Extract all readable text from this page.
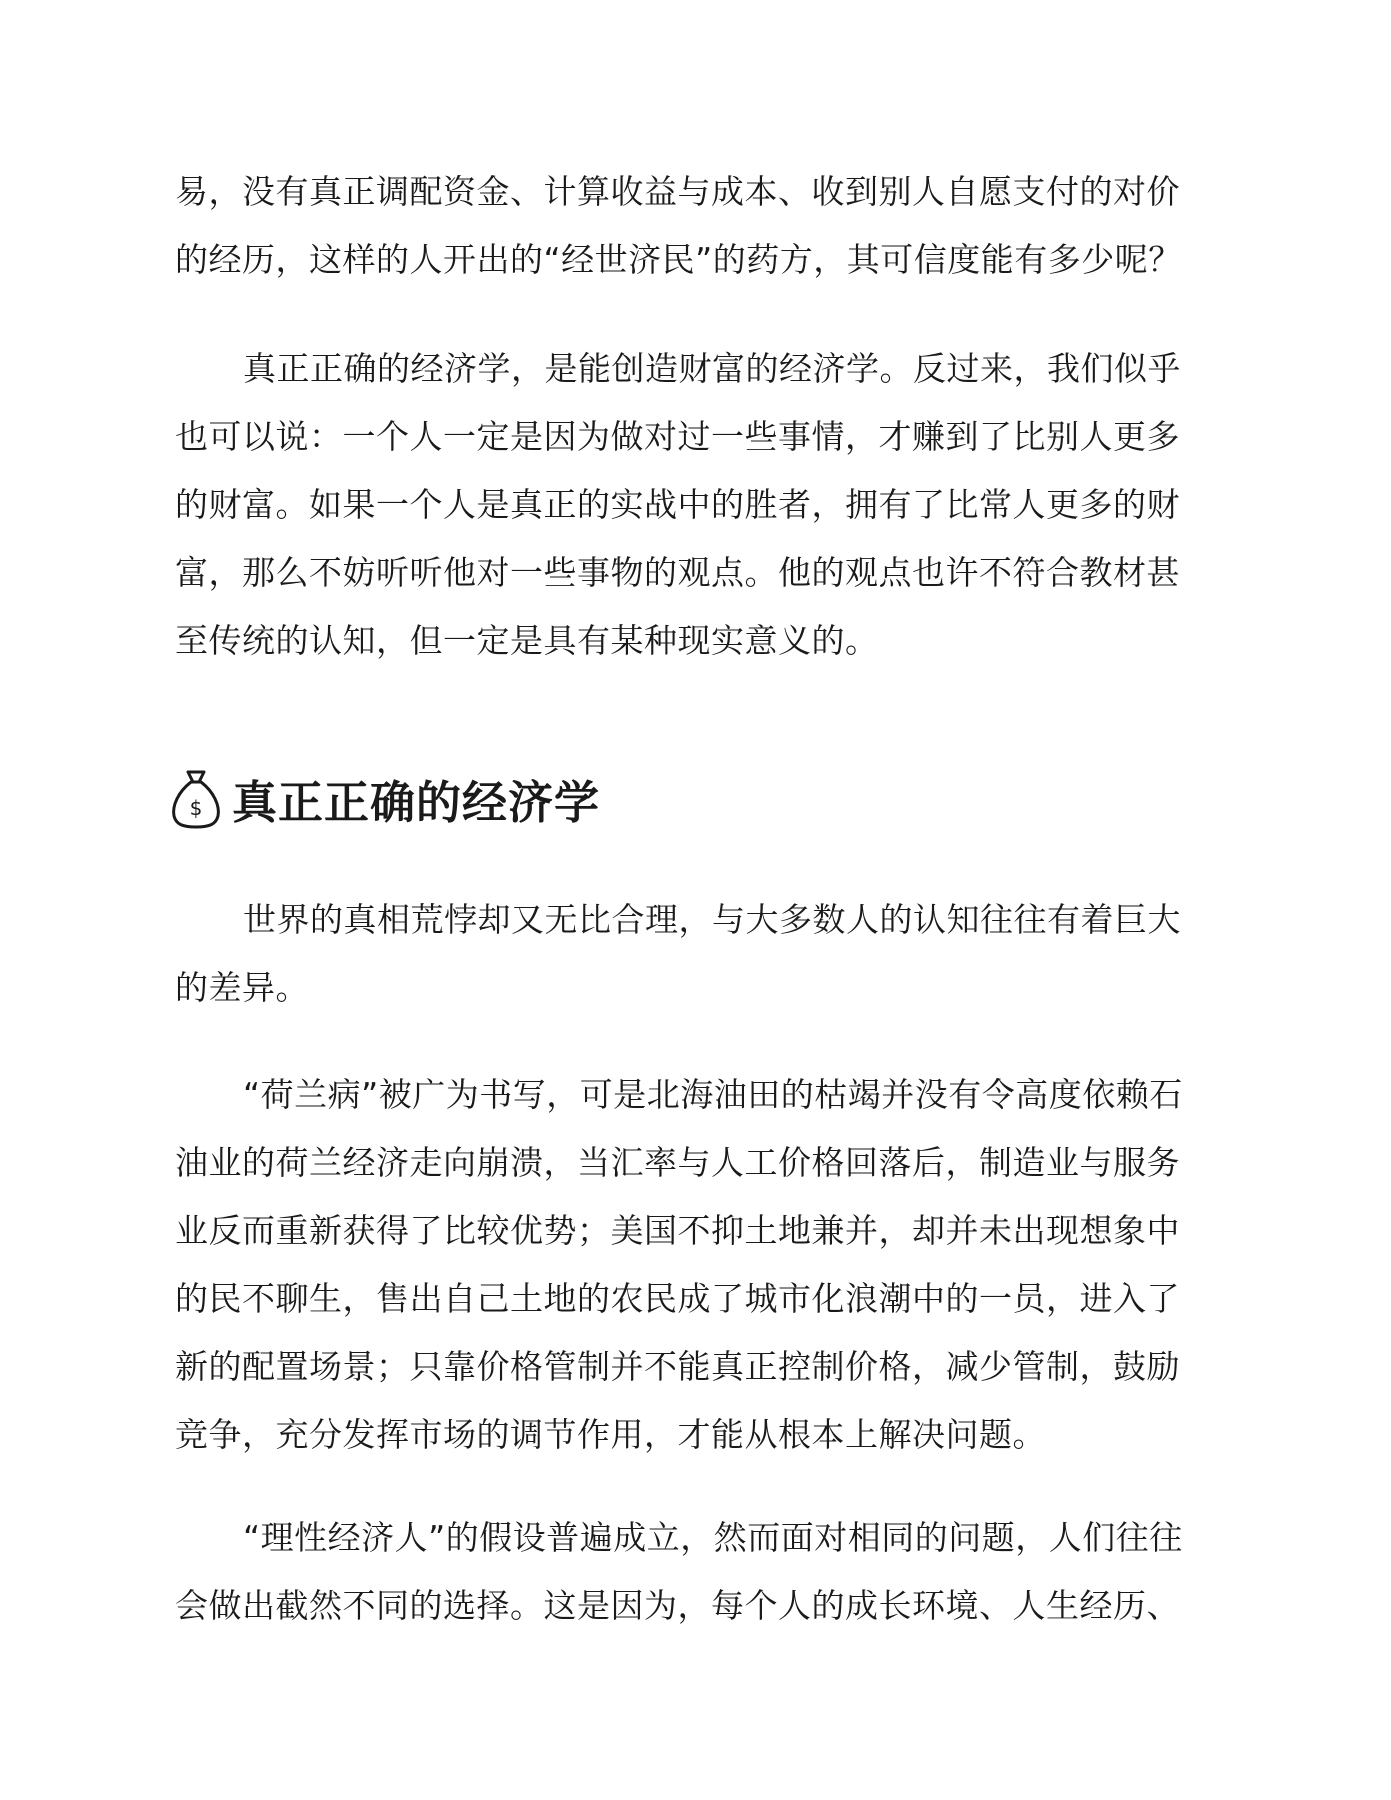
易，没有真正调配资金、计算收益与成本、收到别人自愿支付的对价
的经历，这样的人开出的“经世济民”的药方，其可信度能有多少呢？
真正正确的经济学，是能创造财富的经济学。反过来，我们似乎
也可以说：一个人一定是因为做对过一些事情，才赚到了比别人更多
的财富。如果一个人是真正的实战中的胜者，拥有了比常人更多的财
富，那么不妨听听他对一些事物的观点。他的观点也许不符合教材甚
至传统的认知，但一定是具有某种现实意义的。
$ 真正正确的经济学
世界的真相荒悖却又无比合理，与大多数人的认知往往有着巨大
的差异。
“荷兰病”被广为书写，可是北海油田的枯竭并没有令高度依赖石
油业的荷兰经济走向崩溃，当汇率与人工价格回落后，制造业与服务
业反而重新获得了比较优势；美国不抑土地兼并，却并未出现想象中
的民不聊生，售出自己土地的农民成了城市化浪潮中的一员，进入了
新的配置场景；只靠价格管制并不能真正控制价格，减少管制，鼓励
竞争，充分发挥市场的调节作用，才能从根本上解决问题。
“理性经济人”的假设普遍成立，然而面对相同的问题，人们往往
会做出截然不同的选择。这是因为，每个人的成长环境、人生经历、
